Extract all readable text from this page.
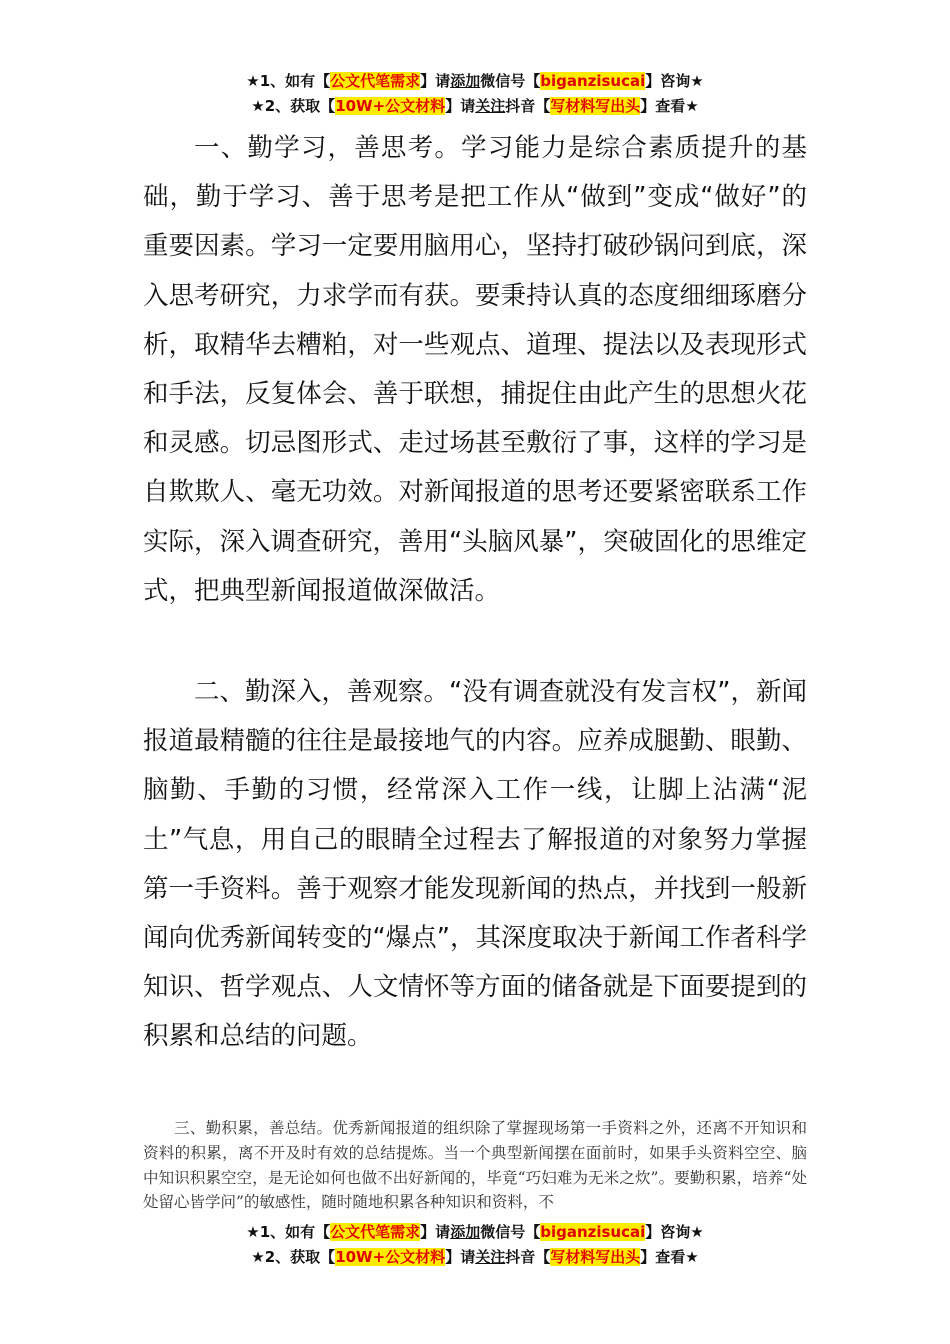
★1、如有【公文代笔需求】请添加微信号【biganzisucai】咨询★
★2、获取【10W+公文材料】请关注抖音【写材料写出头】查看★

一、勤学习，善思考。学习能力是综合素质提升的基础，勤于学习、善于思考是把工作从“做到”变成“做好”的重要因素。学习一定要用脑用心，坚持打破砂锅问到底，深入思考研究，力求学而有获。要秉持认真的态度细细琢磨分析，取精华去糟粕，对一些观点、道理、提法以及表现形式和手法，反复体会、善于联想，捕捉住由此产生的思想火花和灵感。切忌图形式、走过场甚至敷衍了事，这样的学习是自欺欺人、毫无功效。对新闻报道的思考还要紧密联系工作实际，深入调查研究，善用“头脑风暴”，突破固化的思维定式，把典型新闻报道做深做活。

二、勤深入，善观察。“没有调查就没有发言权”，新闻报道最精髓的往往是最接地气的内容。应养成腿勤、眼勤、脑勤、手勤的习惯，经常深入工作一线，让脚上沾满“泥土”气息，用自己的眼睛全过程去了解报道的对象努力掌握第一手资料。善于观察才能发现新闻的热点，并找到一般新闻向优秀新闻转变的“爆点”，其深度取决于新闻工作者科学知识、哲学观点、人文情怀等方面的储备就是下面要提到的积累和总结的问题。

三、勤积累，善总结。优秀新闻报道的组织除了掌握现场第一手资料之外，还离不开知识和资料的积累，离不开及时有效的总结提炼。当一个典型新闻摆在面前时，如果手头资料空空、脑中知识积累空空，是无论如何也做不出好新闻的，毕竟“巧妇难为无米之炊”。要勤积累，培养“处处留心皆学问”的敏感性，随时随地积累各种知识和资料，不

★1、如有【公文代笔需求】请添加微信号【biganzisucai】咨询★
★2、获取【10W+公文材料】请关注抖音【写材料写出头】查看★
